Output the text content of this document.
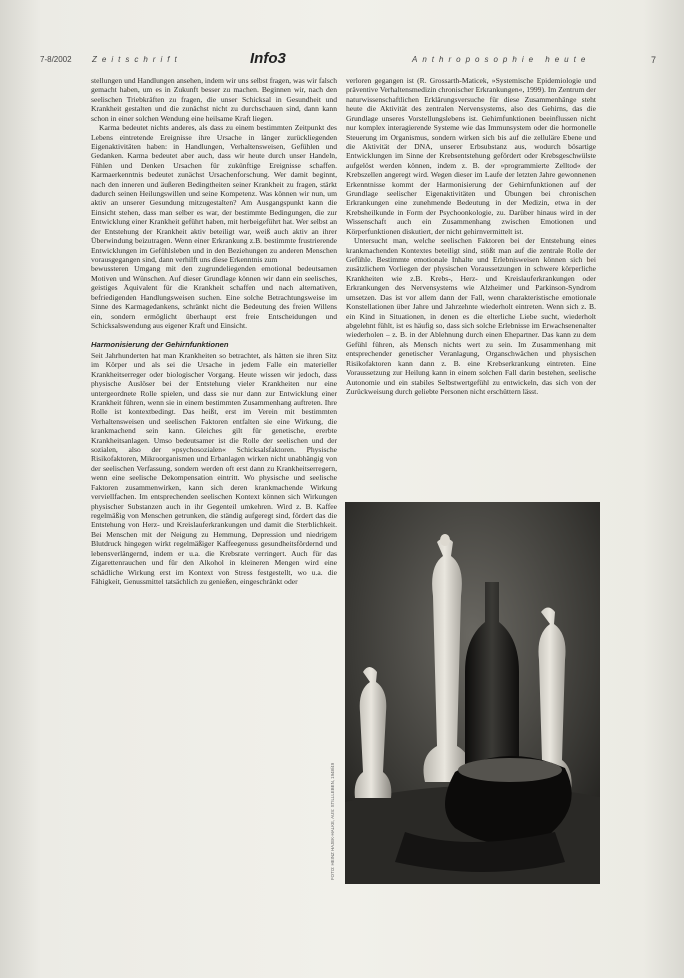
7-8/2002	Zeitschrift	Info3	Anthroposophie heute	7

stellungen und Handlungen ansehen, indem wir uns selbst fragen, was wir falsch gemacht haben, um es in Zukunft besser zu machen. Beginnen wir, nach den seelischen Triebkräften zu fragen, die unser Schicksal in Gesundheit und Krankheit gestalten und die zunächst nicht zu durchschauen sind, dann kann schon in einer solchen Wendung eine heilsame Kraft liegen.

Karma bedeutet nichts anderes, als dass zu einem bestimmten Zeitpunkt des Lebens eintretende Ereignisse ihre Ursache in länger zurückliegenden Eigenaktivitäten haben: in Handlungen, Verhaltensweisen, Gefühlen und Gedanken. Karma bedeutet aber auch, dass wir heute durch unser Handeln, Fühlen und Denken Ursachen für zukünftige Ereignisse schaffen. Karmaerkenntnis bedeutet zunächst Ursachenforschung. Wer damit beginnt, nach den inneren und äußeren Bedingtheiten seiner Krankheit zu fragen, stärkt dadurch seinen Heilungswillen und seine Kompetenz. Was können wir nun, um aktiv an unserer Gesundung mitzugestalten? Am Ausgangspunkt kann die Einsicht stehen, dass man selber es war, der bestimmte Bedingungen, die zur Entwicklung einer Krankheit geführt haben, mit herbeigeführt hat. Wer selbst an der Entstehung der Krankheit aktiv beteiligt war, weiß auch aktiv an ihrer Überwindung beizutragen. Wenn einer Erkrankung z.B. bestimmte frustrierende Entwicklungen im Gefühlsleben und in den Beziehungen zu anderen Menschen vorausgegangen sind, dann verhilft uns diese Erkenntnis zum

bewussteren Umgang mit den zugrundeliegenden emotional bedeutsamen Motiven und Wünschen. Auf dieser Grundlage können wir dann ein seelisches, geistiges Äquivalent für die Krankheit schaffen und nach alternativen, befriedigenden Handlungsweisen suchen. Eine solche Betrachtungsweise im Sinne des Karmagedankens, schränkt nicht die Bedeutung des freien Willens ein, sondern ermöglicht überhaupt erst freie Entscheidungen und Schicksalswendung aus eigener Kraft und Einsicht.

Harmonisierung der Gehirnfunktionen

Seit Jahrhunderten hat man Krankheiten so betrachtet, als hätten sie ihren Sitz im Körper und als sei die Ursache in jedem Falle ein materieller Krankheitserreger oder biologischer Vorgang. Heute wissen wir jedoch, dass physische Auslöser bei der Entstehung vieler Krankheiten nur eine untergeordnete Rolle spielen, und dass sie nur dann zur Entwicklung einer Krankheit führen, wenn sie in einem bestimmten Zusammenhang auftreten. Ihre Rolle ist kontextbedingt. Das heißt, erst im Verein mit bestimmten Verhaltensweisen und seelischen Faktoren entfalten sie eine Wirkung, die krankmachend sein kann. Gleiches gilt für genetische, ererbte Krankheitsanlagen. Umso bedeutsamer ist die Rolle der seelischen und der sozialen, also der »psychosozialen« Schicksalsfaktoren. Physische Risikofaktoren, Mikroorganismen und Erbanlagen wirken nicht unabhängig von der seelischen Verfassung, sondern werden oft erst dann zu Krankheitserregern, wenn eine seelische Dekompensation eintritt. Wo physische und seelische Faktoren zusammenwirken, kann sich deren krankmachende Wirkung verviellfachen. Im entsprechenden seelischen Kontext können sich Wirkungen physischer Substanzen auch in ihr Gegenteil umkehren. Wird z. B. Kaffee regelmäßig von Menschen getrunken, die ständig aufgeregt sind, fördert das die Entstehung von Herz- und Kreislauferkrankungen und damit die Sterblichkeit. Bei Menschen mit der Neigung zu Hemmung, Depression und niedrigem Blutdruck hingegen wirkt regelmäßiger Kaffeegenuss gesundheitsfördernd und lebensverlängernd, indem er u.a. die Krebsrate verringert. Auch für das Zigarettenrauchen und für den Alkohol in kleineren Mengen wird eine schädliche Wirkung erst im Kontext von Stress festgestellt, wo u.a. die Fähigkeit, Genussmittel tatsächlich zu genießen, eingeschränkt oder

verloren gegangen ist (R. Grossarth-Maticek, »Systemische Epidemiologie und präventive Verhaltensmedizin chronischer Erkrankungen«, 1999). Im Zentrum der naturwissenschaftlichen Erklärungsversuche für diese Zusammenhänge steht heute die Aktivität des zentralen Nervensystems, also des Gehirns, das die Grundlage unseres Vorstellungslebens ist. Gehirnfunktionen beeinflussen nicht nur komplex interagierende Systeme wie das Immunsystem oder die hormonelle Steuerung im Organismus, sondern wirken sich bis auf die zelluläre Ebene und die Aktivität der DNA, unserer Erbsubstanz aus, wodurch bösartige Entwicklungen im Sinne der Krebsentstehung gefördert oder Krebsgeschwülste aufgelöst werden können, indem z. B. der »programmierte Zelltod« der Krebszellen angeregt wird. Wegen dieser im Laufe der letzten Jahre gewonnenen Erkenntnisse kommt der Harmonisierung der Gehirnfunktionen auf der Grundlage seelischer Eigenaktivitäten und Übungen bei chronischen Erkrankungen eine zunehmende Bedeutung in der Medizin, etwa in der Krebsheilkunde in Form der Psychoonkologie, zu. Darüber hinaus wird in der Wissenschaft auch ein Zusammenhang zwischen Emotionen und Körperfunktionen diskutiert, der nicht gehirnvermittelt ist.

Untersucht man, welche seelischen Faktoren bei der Entstehung eines krankmachenden Kontextes beteiligt sind, stößt man auf die zentrale Rolle der Gefühle. Bestimmte emotionale Inhalte und Erlebnisweisen können sich bei zusätzlichem Vorliegen der physischen Voraussetzungen in schwere körperliche Krankheiten wie z.B. Krebs-, Herz- und Kreislauferkrankungen oder Erkrankungen des Nervensystems wie Alzheimer und Parkinson-Syndrom umsetzen. Das ist vor allem dann der Fall, wenn charakteristische emotionale Konstellationen über Jahre und Jahrzehnte wiederholt eintreten. Wenn sich z. B. ein Kind in Situationen, in denen es die elterliche Liebe sucht, wiederholt abgelehnt fühlt, ist es häufig so, dass sich solche Erlebnisse im Erwachsenenalter wiederholen – z. B. in der Ablehnung durch einen Ehepartner. Das kann zu dem Gefühl führen, als Mensch nichts wert zu sein. Im Zusammenhang mit entsprechender genetischer Veranlagung, Organschwächen und physischen Risikofaktoren kann dann z. B. eine Krebserkrankung eintreten. Eine Voraussetzung zur Heilung kann in einem solchen Fall darin bestehen, seelische Autonomie und ein stabiles Selbstwertgefühl zu entwickeln, das sich von der Zurückweisung durch geliebte Personen nicht erschüttern lässt.

FOTO: HEINZ HAJEK-HALKE, AUS: STILLLEBEN, 1948/49
